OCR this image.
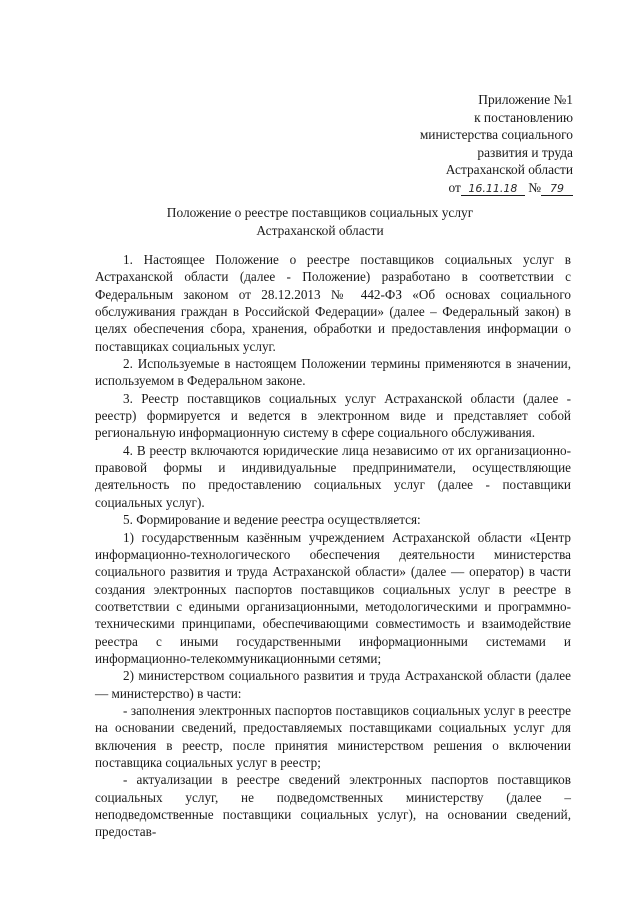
Приложение №1
к постановлению
министерства социального
развития и труда
Астраханской области
от 16.11.18 № 79
Положение о реестре поставщиков социальных услуг
Астраханской области

1. Настоящее Положение о реестре поставщиков социальных услуг в Астраханской области (далее - Положение) разработано в соответствии с Федеральным законом от 28.12.2013 № 442-ФЗ «Об основах социального обслуживания граждан в Российской Федерации» (далее – Федеральный закон) в целях обеспечения сбора, хранения, обработки и предоставления информации о поставщиках социальных услуг.

2. Используемые в настоящем Положении термины применяются в значении, используемом в Федеральном законе.

3. Реестр поставщиков социальных услуг Астраханской области (далее - реестр) формируется и ведется в электронном виде и представляет собой региональную информационную систему в сфере социального обслуживания.

4. В реестр включаются юридические лица независимо от их организационно-правовой формы и индивидуальные предприниматели, осуществляющие деятельность по предоставлению социальных услуг (далее - поставщики социальных услуг).

5. Формирование и ведение реестра осуществляется:

1) государственным казённым учреждением Астраханской области «Центр информационно-технологического обеспечения деятельности министерства социального развития и труда Астраханской области» (далее — оператор) в части создания электронных паспортов поставщиков социальных услуг в реестре в соответствии с едиными организационными, методологическими и программно-техническими принципами, обеспечивающими совместимость и взаимодействие реестра с иными государственными информационными системами и информационно-телекоммуникационными сетями;

2) министерством социального развития и труда Астраханской области (далее — министерство) в части:

- заполнения электронных паспортов поставщиков социальных услуг в реестре на основании сведений, предоставляемых поставщиками социальных услуг для включения в реестр, после принятия министерством решения о включении поставщика социальных услуг в реестр;

- актуализации в реестре сведений электронных паспортов поставщиков социальных услуг, не подведомственных министерству (далее – неподведомственные поставщики социальных услуг), на основании сведений, предостав-
